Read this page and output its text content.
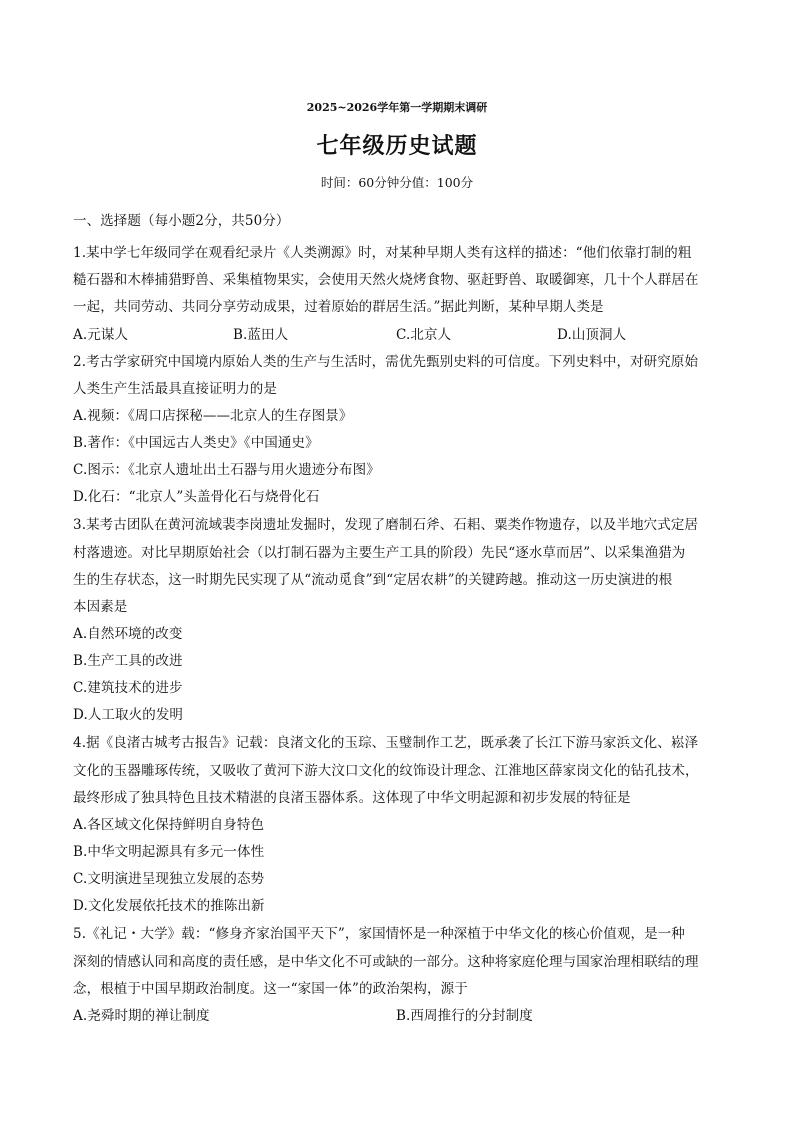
2025~2026学年第一学期期末调研
七年级历史试题
时间：60分钟分值：100分
一、选择题（每小题2分，共50分）
1.某中学七年级同学在观看纪录片《人类溯源》时，对某种早期人类有这样的描述：“他们依靠打制的粗
糙石器和木棒捕猎野兽、采集植物果实，会使用天然火烧烤食物、驱赶野兽、取暖御寒，几十个人群居在
一起，共同劳动、共同分享劳动成果，过着原始的群居生活。”据此判断，某种早期人类是
A.元谋人	B.蓝田人	C.北京人	D.山顶洞人
2.考古学家研究中国境内原始人类的生产与生活时，需优先甄别史料的可信度。下列史料中，对研究原始
人类生产生活最具直接证明力的是
A.视频：《周口店探秘——北京人的生存图景》
B.著作：《中国远古人类史》《中国通史》
C.图示：《北京人遗址出土石器与用火遗迹分布图》
D.化石：“北京人”头盖骨化石与烧骨化石
3.某考古团队在黄河流域裴李岗遗址发掘时，发现了磨制石斧、石耜、粟类作物遗存，以及半地穴式定居
村落遗迹。对比早期原始社会（以打制石器为主要生产工具的阶段）先民“逐水草而居”、以采集渔猎为
生的生存状态，这一时期先民实现了从“流动觅食”到“定居农耕”的关键跨越。推动这一历史演进的根
本因素是
A.自然环境的改变
B.生产工具的改进
C.建筑技术的进步
D.人工取火的发明
4.据《良渚古城考古报告》记载：良渚文化的玉琮、玉璧制作工艺，既承袭了长江下游马家浜文化、崧泽
文化的玉器雕琢传统，又吸收了黄河下游大汶口文化的纹饰设计理念、江淮地区薛家岗文化的钻孔技术，
最终形成了独具特色且技术精湛的良渚玉器体系。这体现了中华文明起源和初步发展的特征是
A.各区域文化保持鲜明自身特色
B.中华文明起源具有多元一体性
C.文明演进呈现独立发展的态势
D.文化发展依托技术的推陈出新
5.《礼记・大学》载：“修身齐家治国平天下”，家国情怀是一种深植于中华文化的核心价值观，是一种
深刻的情感认同和高度的责任感，是中华文化不可或缺的一部分。这种将家庭伦理与国家治理相联结的理
念，根植于中国早期政治制度。这一“家国一体”的政治架构，源于
A.尧舜时期的禅让制度	B.西周推行的分封制度
